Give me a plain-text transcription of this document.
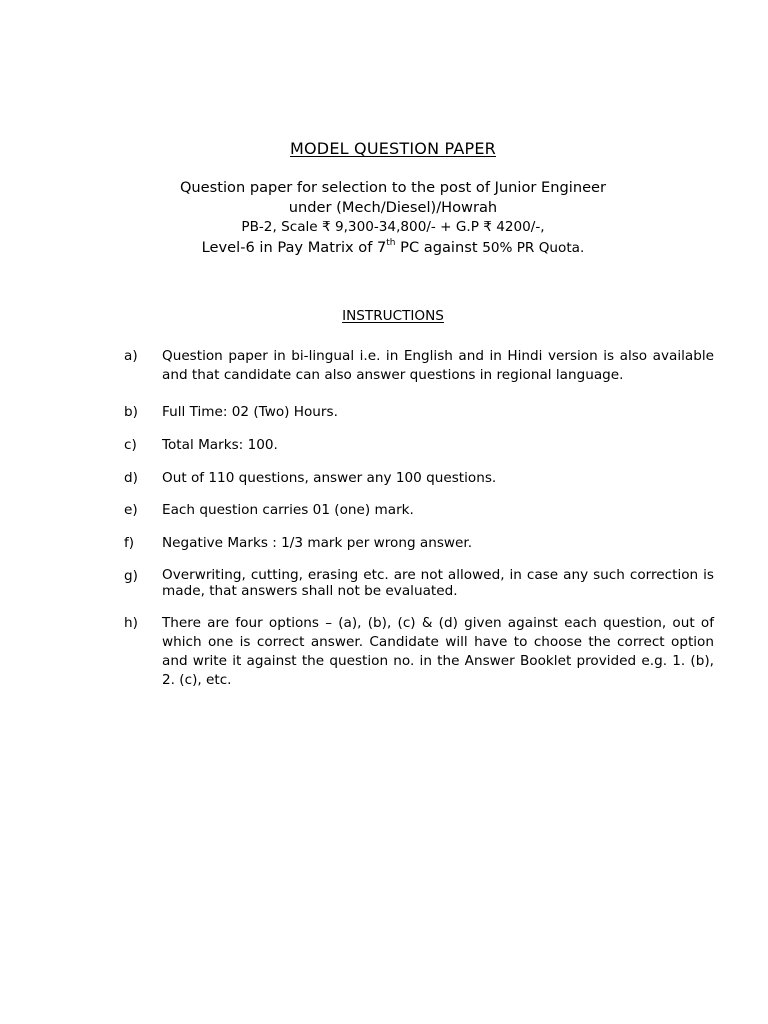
MODEL QUESTION PAPER
Question paper for selection to the post of Junior Engineer
under (Mech/Diesel)/Howrah
PB-2, Scale ₹ 9,300-34,800/- + G.P ₹ 4200/-,
Level-6 in Pay Matrix of 7th PC against 50% PR Quota.
INSTRUCTIONS
a)	Question paper in bi-lingual i.e. in English and in Hindi version is also available and that candidate can also answer questions in regional language.
b)	Full Time: 02 (Two) Hours.
c)	Total Marks: 100.
d)	Out of 110 questions, answer any 100 questions.
e)	Each question carries 01 (one) mark.
f)	Negative Marks : 1/3 mark per wrong answer.
g)	Overwriting, cutting, erasing etc. are not allowed, in case any such correction is made, that answers shall not be evaluated.
h)	There are four options – (a), (b), (c) & (d) given against each question, out of which one is correct answer. Candidate will have to choose the correct option and write it against the question no. in the Answer Booklet provided e.g. 1. (b), 2. (c), etc.
